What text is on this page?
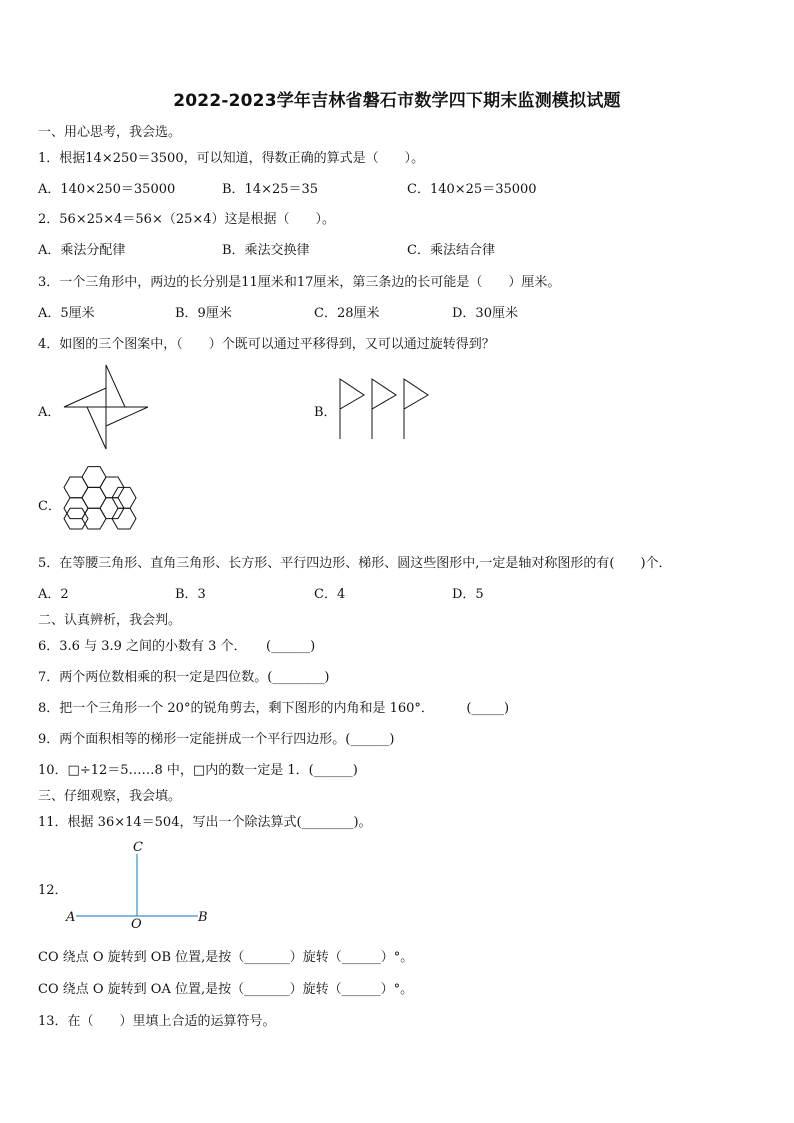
2022-2023学年吉林省磐石市数学四下期末监测模拟试题
一、用心思考，我会选。
1．根据14×250＝3500，可以知道，得数正确的算式是（　　）。
A．140×250＝35000	B．14×25＝35	C．140×25＝35000
2．56×25×4＝56×（25×4）这是根据（　　）。
A．乘法分配律	B．乘法交换律	C．乘法结合律
3．一个三角形中，两边的长分别是11厘米和17厘米，第三条边的长可能是（　　）厘米。
A．5厘米	B．9厘米	C．28厘米	D．30厘米
4．如图的三个图案中，（　　）个既可以通过平移得到，又可以通过旋转得到？
A．	B．
C．
5．在等腰三角形、直角三角形、长方形、平行四边形、梯形、圆这些图形中,一定是轴对称图形的有(　　)个．
A．2	B．3	C．4	D．5
二、认真辨析，我会判。
6．3.6 与 3.9 之间的小数有 3 个．　　(______)
7．两个两位数相乘的积一定是四位数。(________)
8．把一个三角形一个 20°的锐角剪去，剩下图形的内角和是 160°．　　　(_____)
9．两个面积相等的梯形一定能拼成一个平行四边形。(______)
10．□÷12＝5……8 中，□内的数一定是 1．(______)
三、仔细观察，我会填。
11．根据 36×14＝504，写出一个除法算式(________)。
12．
C
A	O	B
CO 绕点 O 旋转到 OB 位置,是按（_______）旋转（______）°。
CO 绕点 O 旋转到 OA 位置,是按（_______）旋转（______）°。
13．在（　　）里填上合适的运算符号。
